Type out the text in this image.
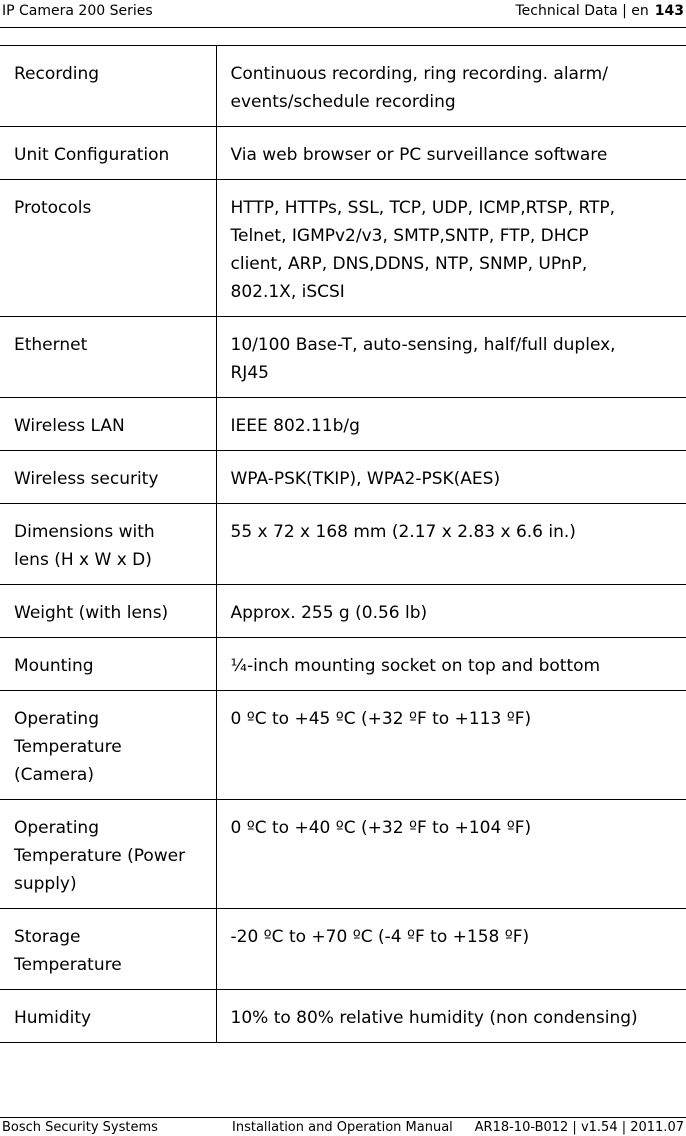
IP Camera 200 Series	Technical Data | en 143
Recording	Continuous recording, ring recording. alarm/
events/schedule recording
Unit Configuration	Via web browser or PC surveillance software
Protocols	HTTP, HTTPs, SSL, TCP, UDP, ICMP,RTSP, RTP,
Telnet, IGMPv2/v3, SMTP,SNTP, FTP, DHCP
client, ARP, DNS,DDNS, NTP, SNMP, UPnP,
802.1X, iSCSI
Ethernet	10/100 Base-T, auto-sensing, half/full duplex,
RJ45
Wireless LAN	IEEE 802.11b/g
Wireless security	WPA-PSK(TKIP), WPA2-PSK(AES)
Dimensions with
lens (H x W x D)	55 x 72 x 168 mm (2.17 x 2.83 x 6.6 in.)
Weight (with lens)	Approx. 255 g (0.56 lb)
Mounting	¼-inch mounting socket on top and bottom
Operating
Temperature
(Camera)	0 ºC to +45 ºC (+32 ºF to +113 ºF)
Operating
Temperature (Power
supply)	0 ºC to +40 ºC (+32 ºF to +104 ºF)
Storage
Temperature	-20 ºC to +70 ºC (-4 ºF to +158 ºF)
Humidity	10% to 80% relative humidity (non condensing)
Bosch Security Systems	Installation and Operation Manual AR18-10-B012 | v1.54 | 2011.07
